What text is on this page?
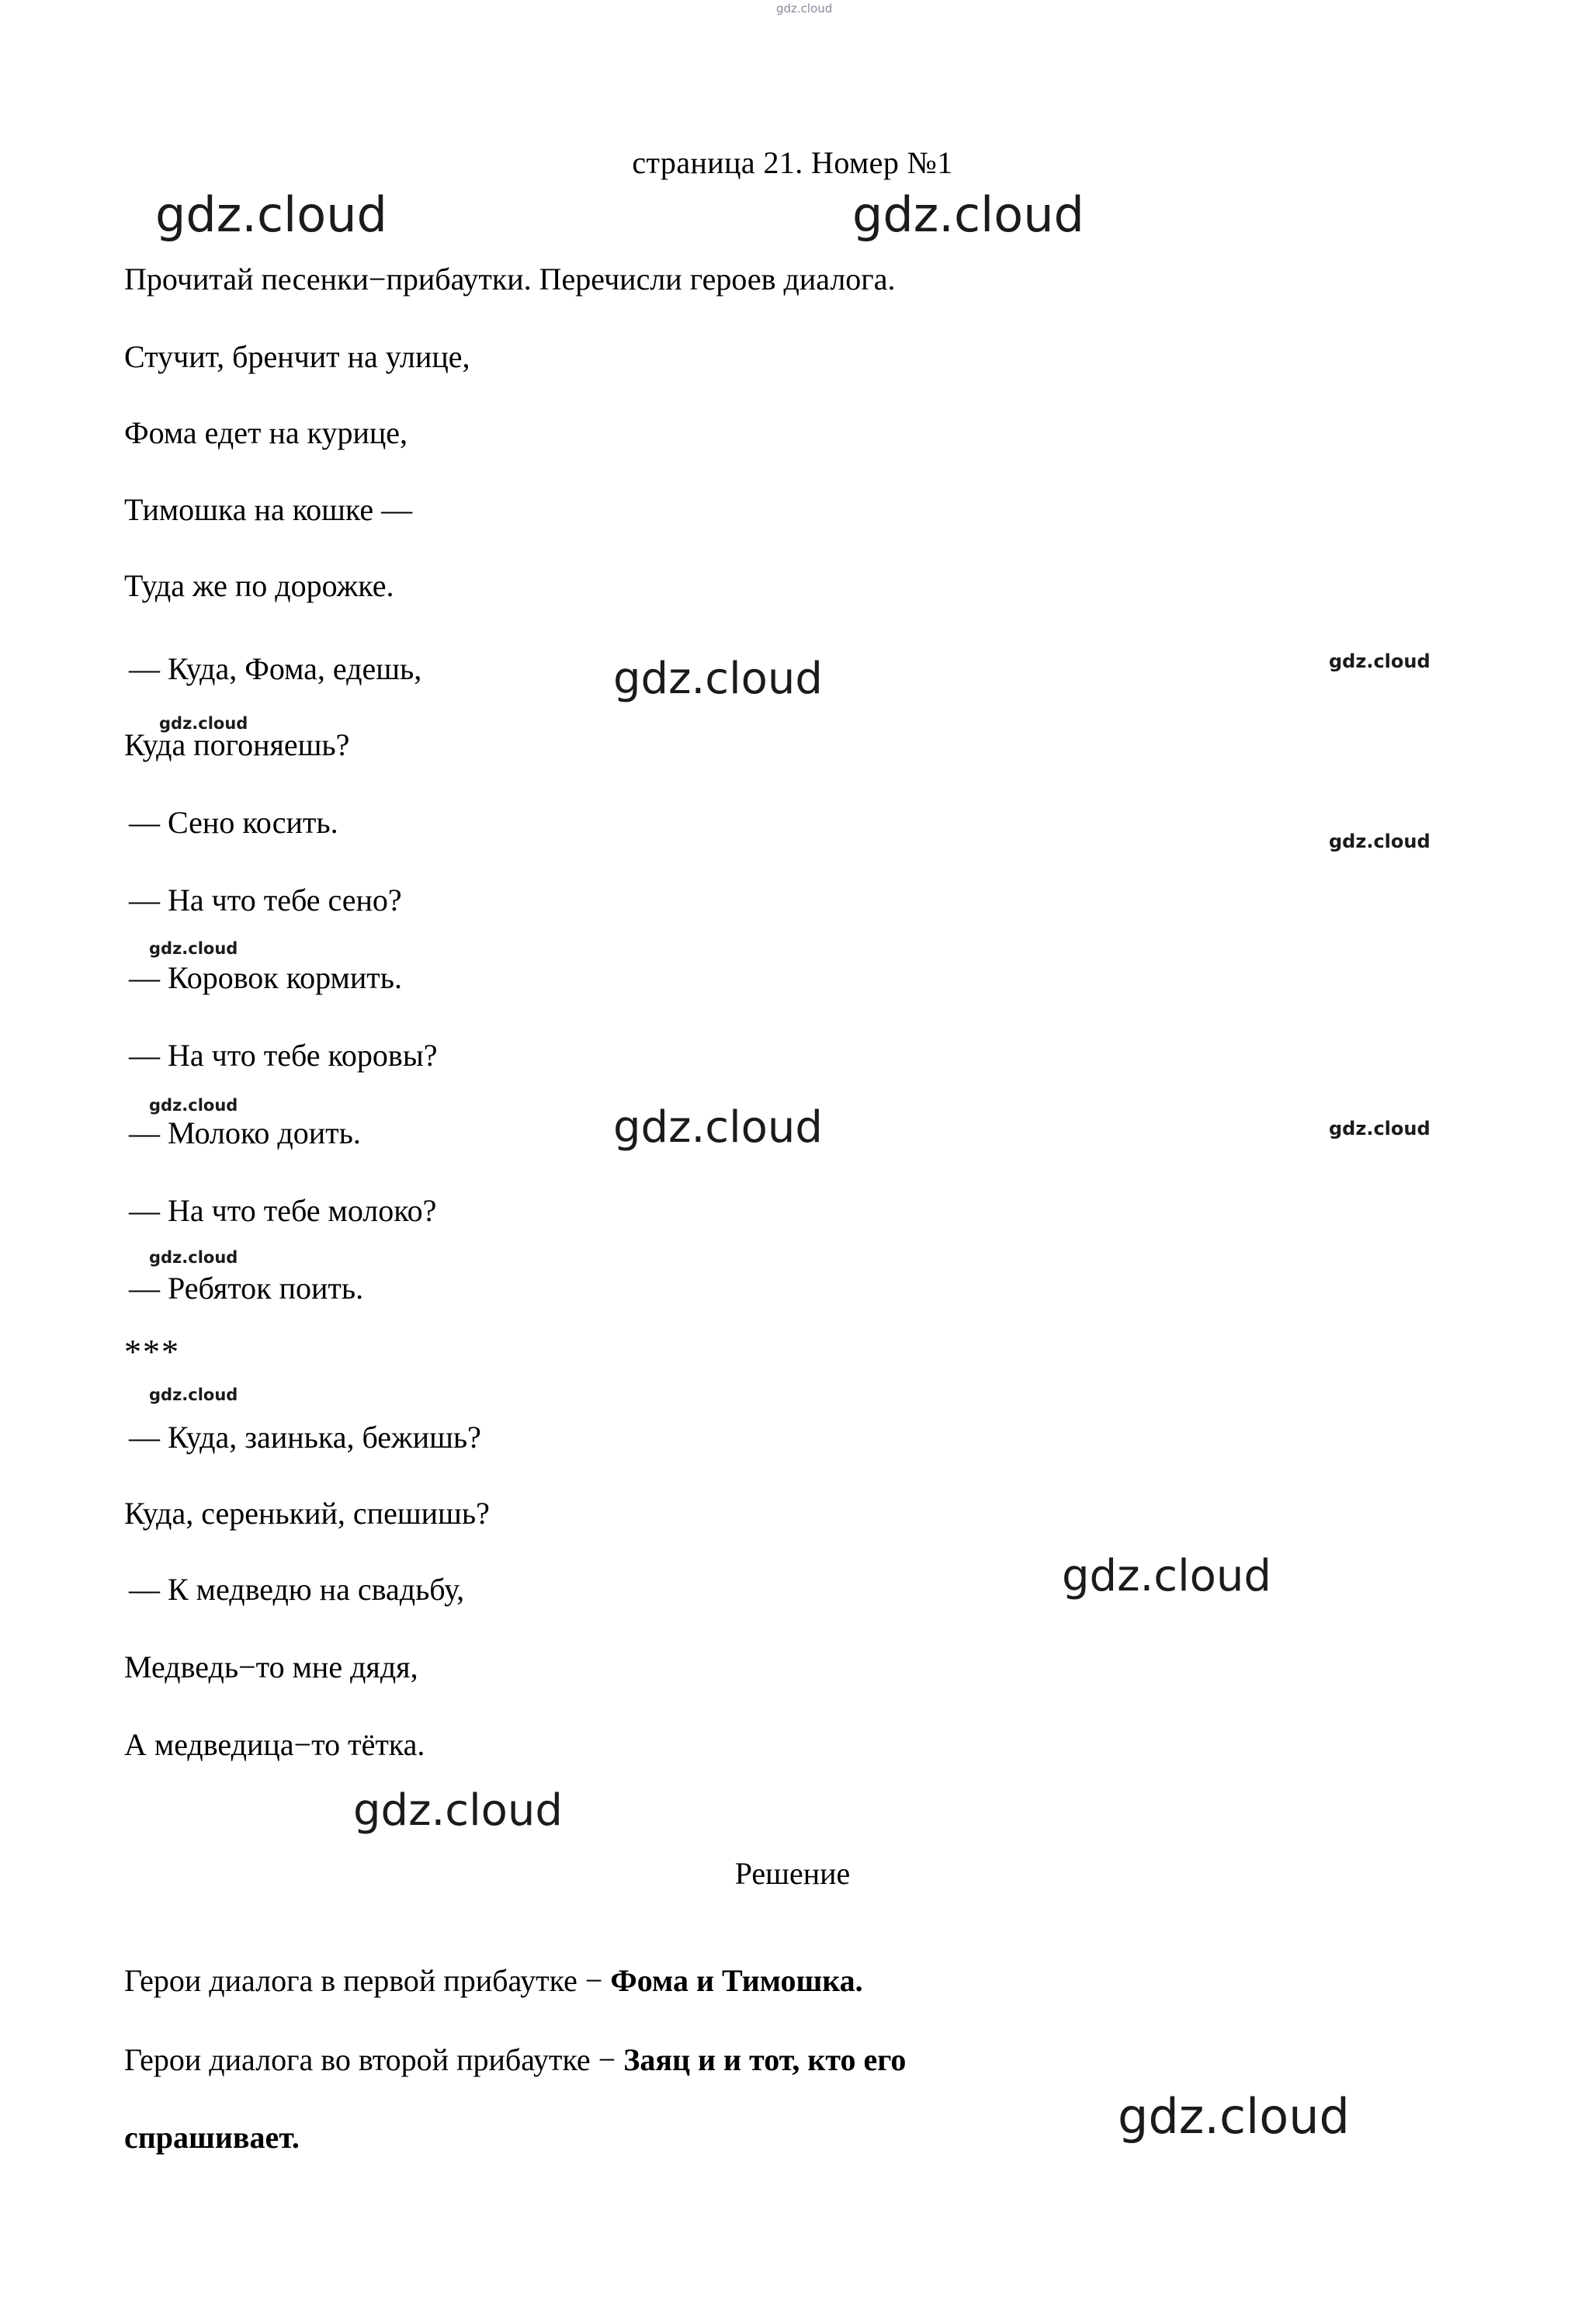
gdz.cloud
gdz.cloud	gdz.cloud
gdz.cloud	gdz.cloud
gdz.cloud
gdz.cloud
gdz.cloud
gdz.cloud	gdz.cloud	gdz.cloud
gdz.cloud
gdz.cloud
gdz.cloud
gdz.cloud
gdz.cloud
страница 21. Номер №1
Прочитай песенки−прибаутки. Перечисли героев диалога.
Стучит, бренчит на улице,
Фома едет на курице,
Тимошка на кошке —
Туда же по дорожке.
— Куда, Фома, едешь,
Куда погоняешь?
— Сено косить.
— На что тебе сено?
— Коровок кормить.
— На что тебе коровы?
— Молоко доить.
— На что тебе молоко?
— Ребяток поить.
***
— Куда, заинька, бежишь?
Куда, серенький, спешишь?
— К медведю на свадьбу,
Медведь−то мне дядя,
А медведица−то тётка.
Решение
Герои диалога в первой прибаутке − Фома и Тимошка.
Герои диалога во второй прибаутке − Заяц и и тот, кто его
спрашивает.
